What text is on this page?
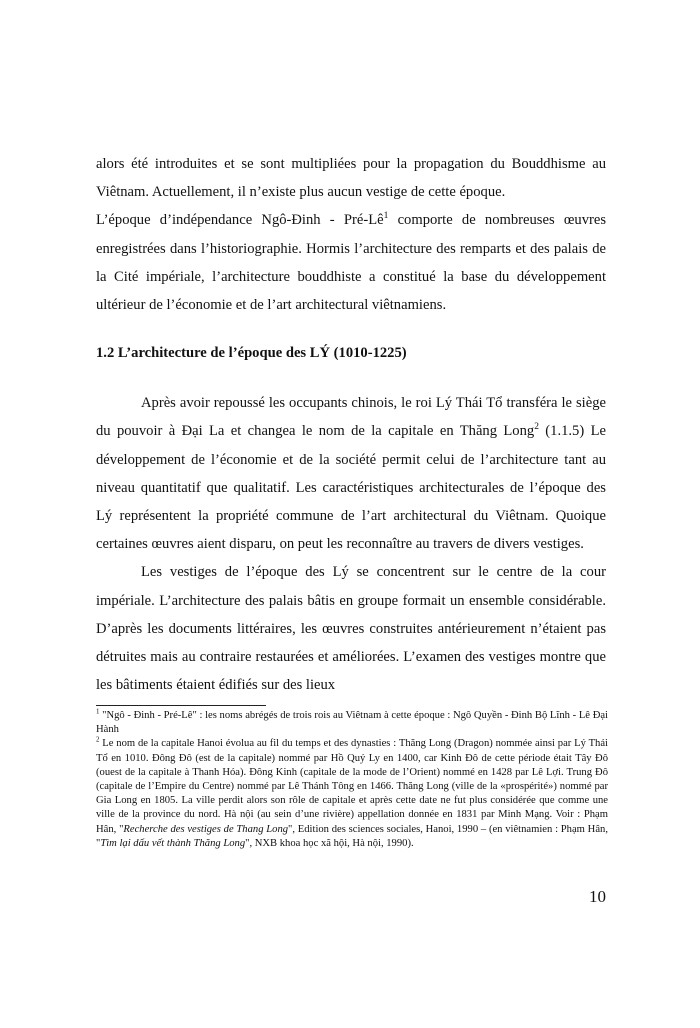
alors été introduites et se sont multipliées pour la propagation du Bouddhisme au Viêtnam. Actuellement, il n’existe plus aucun vestige de cette époque.

L’époque d’indépendance Ngô-Đinh - Pré-$Lê^1$ comporte de nombreuses œuvres enregistrées dans l’historiographie. Hormis l’architecture des remparts et des palais de la Cité impériale, l’architecture bouddhiste a constitué la base du développement ultérieur de l’économie et de l’art architectural viêtnamiens.

1.2 L’architecture de l’époque des LÝ (1010-1225)

Après avoir repoussé les occupants chinois, le roi Lý Thái Tổ transféra le siège du pouvoir à Đại La et changea le nom de la capitale en Thăng Long$^2$ (1.1.5) Le développement de l’économie et de la société permit celui de l’architecture tant au niveau quantitatif que qualitatif. Les caractéristiques architecturales de l’époque des Lý représentent la propriété commune de l’art architectural du Viêtnam. Quoique certaines œuvres aient disparu, on peut les reconnaître au travers de divers vestiges.

Les vestiges de l’époque des Lý se concentrent sur le centre de la cour impériale. L’architecture des palais bâtis en groupe formait un ensemble considérable. D’après les documents littéraires, les œuvres construites antérieurement n’étaient pas détruites mais au contraire restaurées et améliorées. L’examen des vestiges montre que les bâtiments étaient édifiés sur des lieux

$^1$ "Ngô - Đinh - Pré-Lê" : les noms abrégés de trois rois au Viêtnam à cette époque : Ngô Quyền - Đinh Bộ Lĩnh - Lê Đại Hành

$^2$ Le nom de la capitale Hanoi évolua au fil du temps et des dynasties : Thăng Long (Dragon) nommée ainsi par Lý Thái Tổ en 1010. Đông Đô (est de la capitale) nommé par Hồ Quý Ly en 1400, car Kinh Đô de cette période était Tây Đô (ouest de la capitale à Thanh Hóa). Đông Kinh (capitale de la mode de l’Orient) nommé en 1428 par Lê Lợi. Trung Đô (capitale de l’Empire du Centre) nommé par Lê Thánh Tông en 1466. Thăng Long (ville de la «prospérité») nommé par Gia Long en 1805. La ville perdit alors son rôle de capitale et après cette date ne fut plus considérée que comme une ville de la province du nord. Hà nội (au sein d’une rivière) appellation donnée en 1831 par Minh Mạng. Voir : Phạm Hân, "Recherche des vestiges de Thang Long", Edition des sciences sociales, Hanoi, 1990 – (en viêtnamien : Phạm Hân, "Tìm lại dấu vết thành Thăng Long", NXB khoa học xã hội, Hà nội, 1990).

10
